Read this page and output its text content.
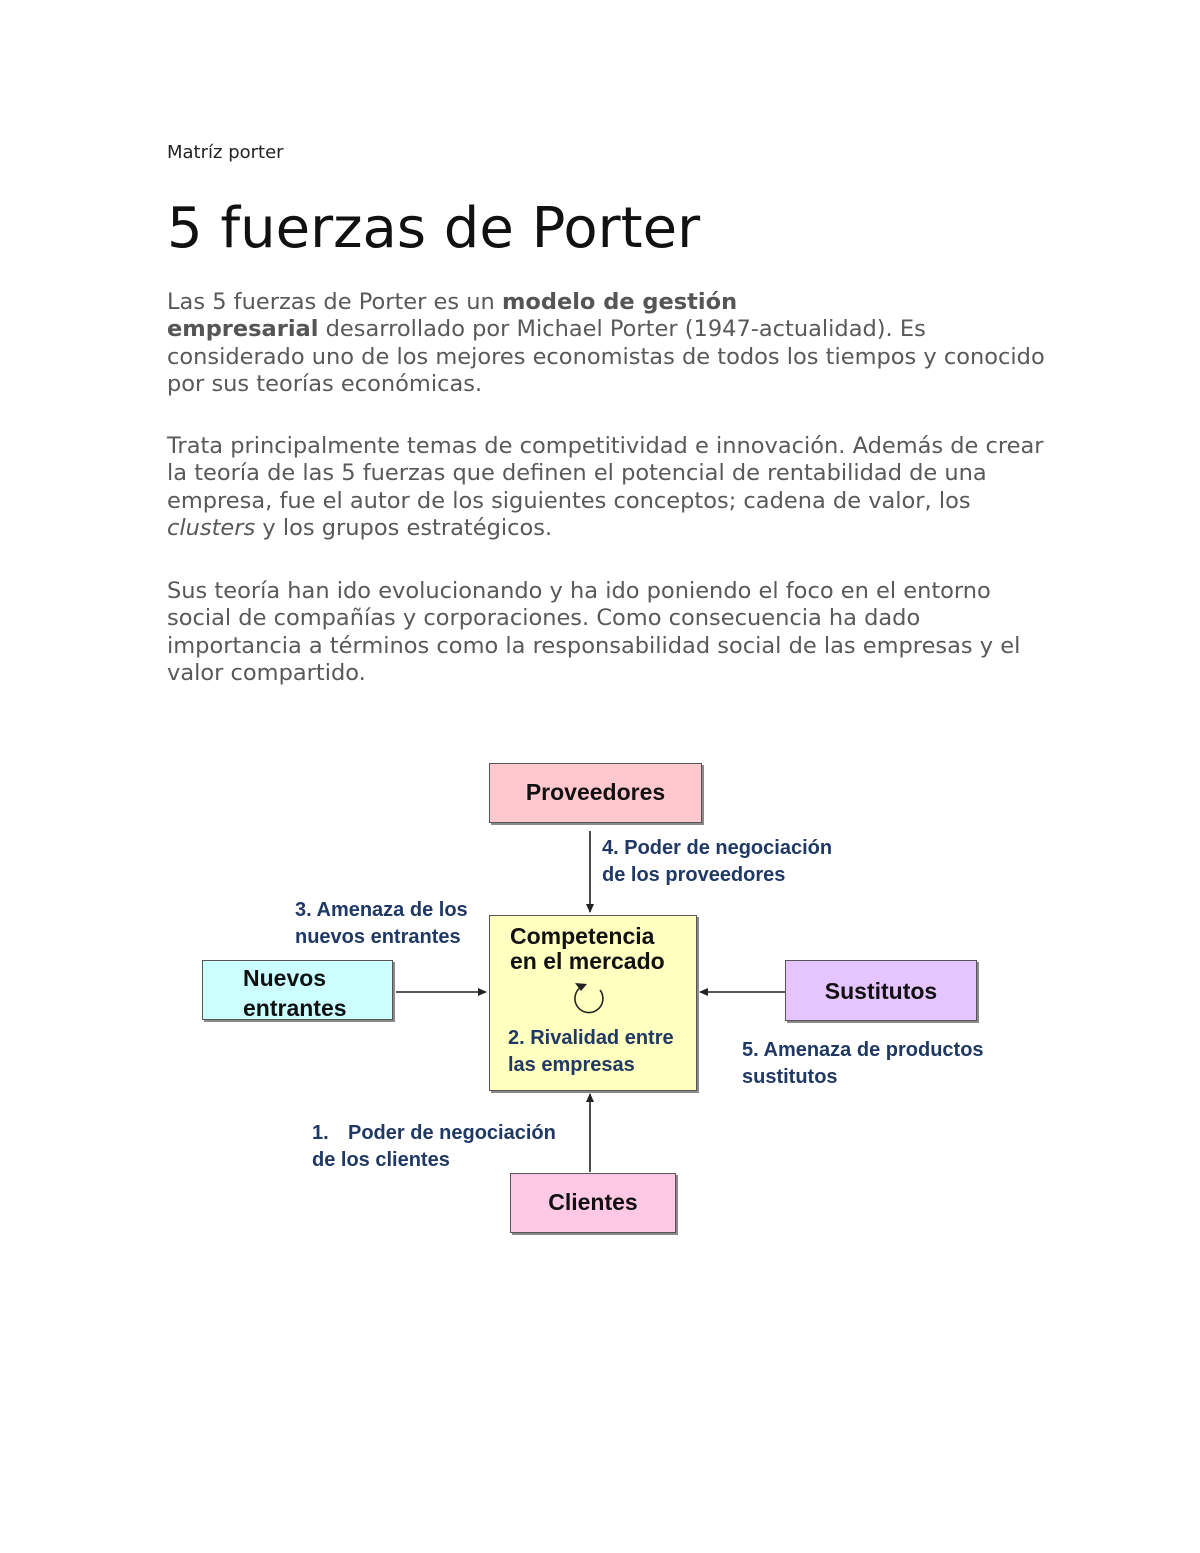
Matríz porter
5 fuerzas de Porter

Las 5 fuerzas de Porter es un modelo de gestión
empresarial desarrollado por Michael Porter (1947-actualidad). Es considerado uno de los mejores economistas de todos los tiempos y conocido por sus teorías económicas.

Trata principalmente temas de competitividad e innovación. Además de crear la teoría de las 5 fuerzas que definen el potencial de rentabilidad de una empresa, fue el autor de los siguientes conceptos; cadena de valor, los clusters y los grupos estratégicos.

Sus teoría han ido evolucionando y ha ido poniendo el foco en el entorno social de compañías y corporaciones. Como consecuencia ha dado importancia a términos como la responsabilidad social de las empresas y el valor compartido.

Proveedores
Nuevos
entrantes
Competencia
en el mercado
2. Rivalidad entre
las empresas
Sustitutos
Clientes
4. Poder de negociación
de los proveedores
3. Amenaza de los
nuevos entrantes
5. Amenaza de productos
sustitutos
1. Poder de negociación
de los clientes
